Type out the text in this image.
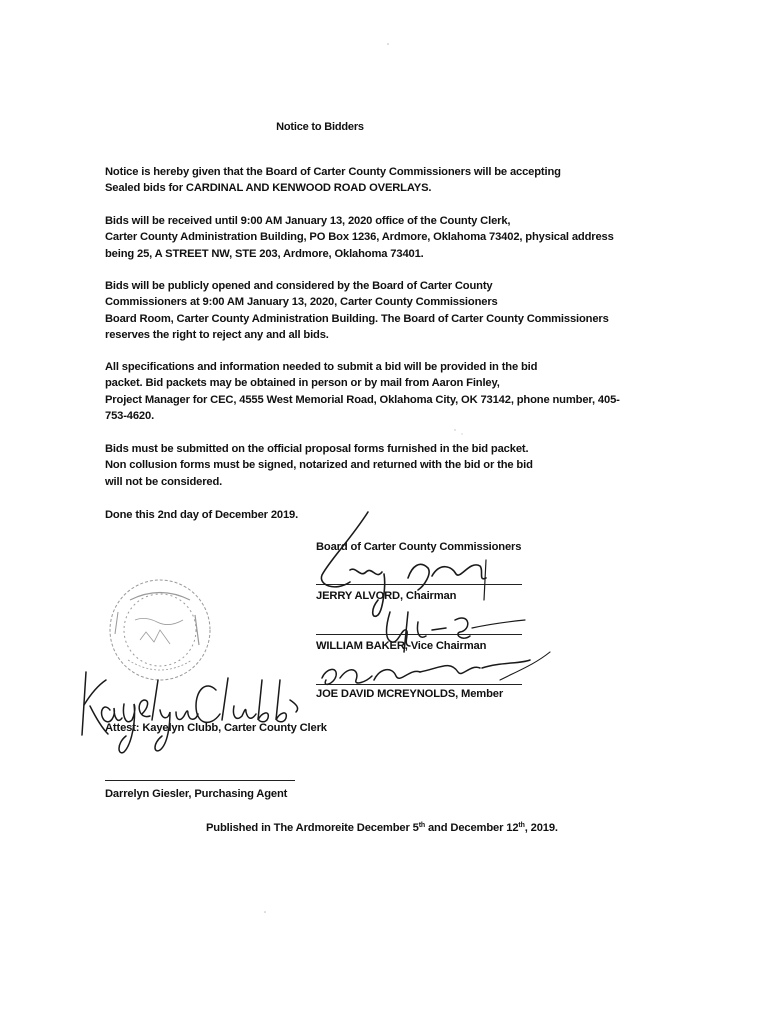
Notice to Bidders

Notice is hereby given that the Board of Carter County Commissioners will be accepting
Sealed bids for CARDINAL AND KENWOOD ROAD OVERLAYS.

Bids will be received until 9:00 AM January 13, 2020 office of the County Clerk,
Carter County Administration Building, PO Box 1236, Ardmore, Oklahoma 73402, physical address
being 25, A STREET NW, STE 203, Ardmore, Oklahoma 73401.

Bids will be publicly opened and considered by the Board of Carter County
Commissioners at 9:00 AM January 13, 2020, Carter County Commissioners
Board Room, Carter County Administration Building. The Board of Carter County Commissioners
reserves the right to reject any and all bids.

All specifications and information needed to submit a bid will be provided in the bid
packet. Bid packets may be obtained in person or by mail from Aaron Finley,
Project Manager for CEC, 4555 West Memorial Road, Oklahoma City, OK 73142, phone number, 405-
753-4620.

Bids must be submitted on the official proposal forms furnished in the bid packet.
Non collusion forms must be signed, notarized and returned with the bid or the bid
will not be considered.

Done this 2nd day of December 2019.

Board of Carter County Commissioners
JERRY ALVORD, Chairman
WILLIAM BAKER, Vice Chairman
JOE DAVID MCREYNOLDS, Member
Attest: Kayelyn Clubb, Carter County Clerk
Darrelyn Giesler, Purchasing Agent
Published in The Ardmoreite December 5th and December 12th, 2019.
